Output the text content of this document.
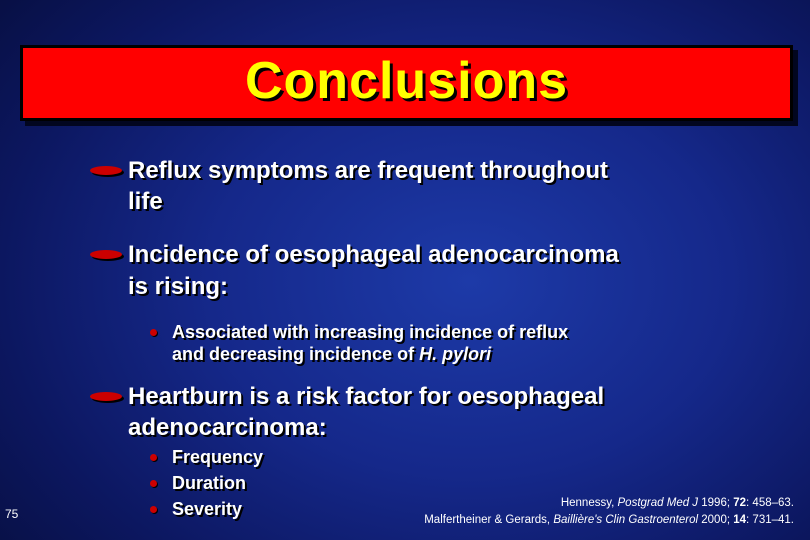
Conclusions
Reflux symptoms are frequent throughout
life
Incidence of oesophageal adenocarcinoma
is rising:
Associated with increasing incidence of reflux
and decreasing incidence of H. pylori
Heartburn is a risk factor for oesophageal
adenocarcinoma:
Frequency
Duration
Severity
75
Hennessy, Postgrad Med J 1996; 72: 458–63.
Malfertheiner & Gerards, Baillière's Clin Gastroenterol 2000; 14: 731–41.
